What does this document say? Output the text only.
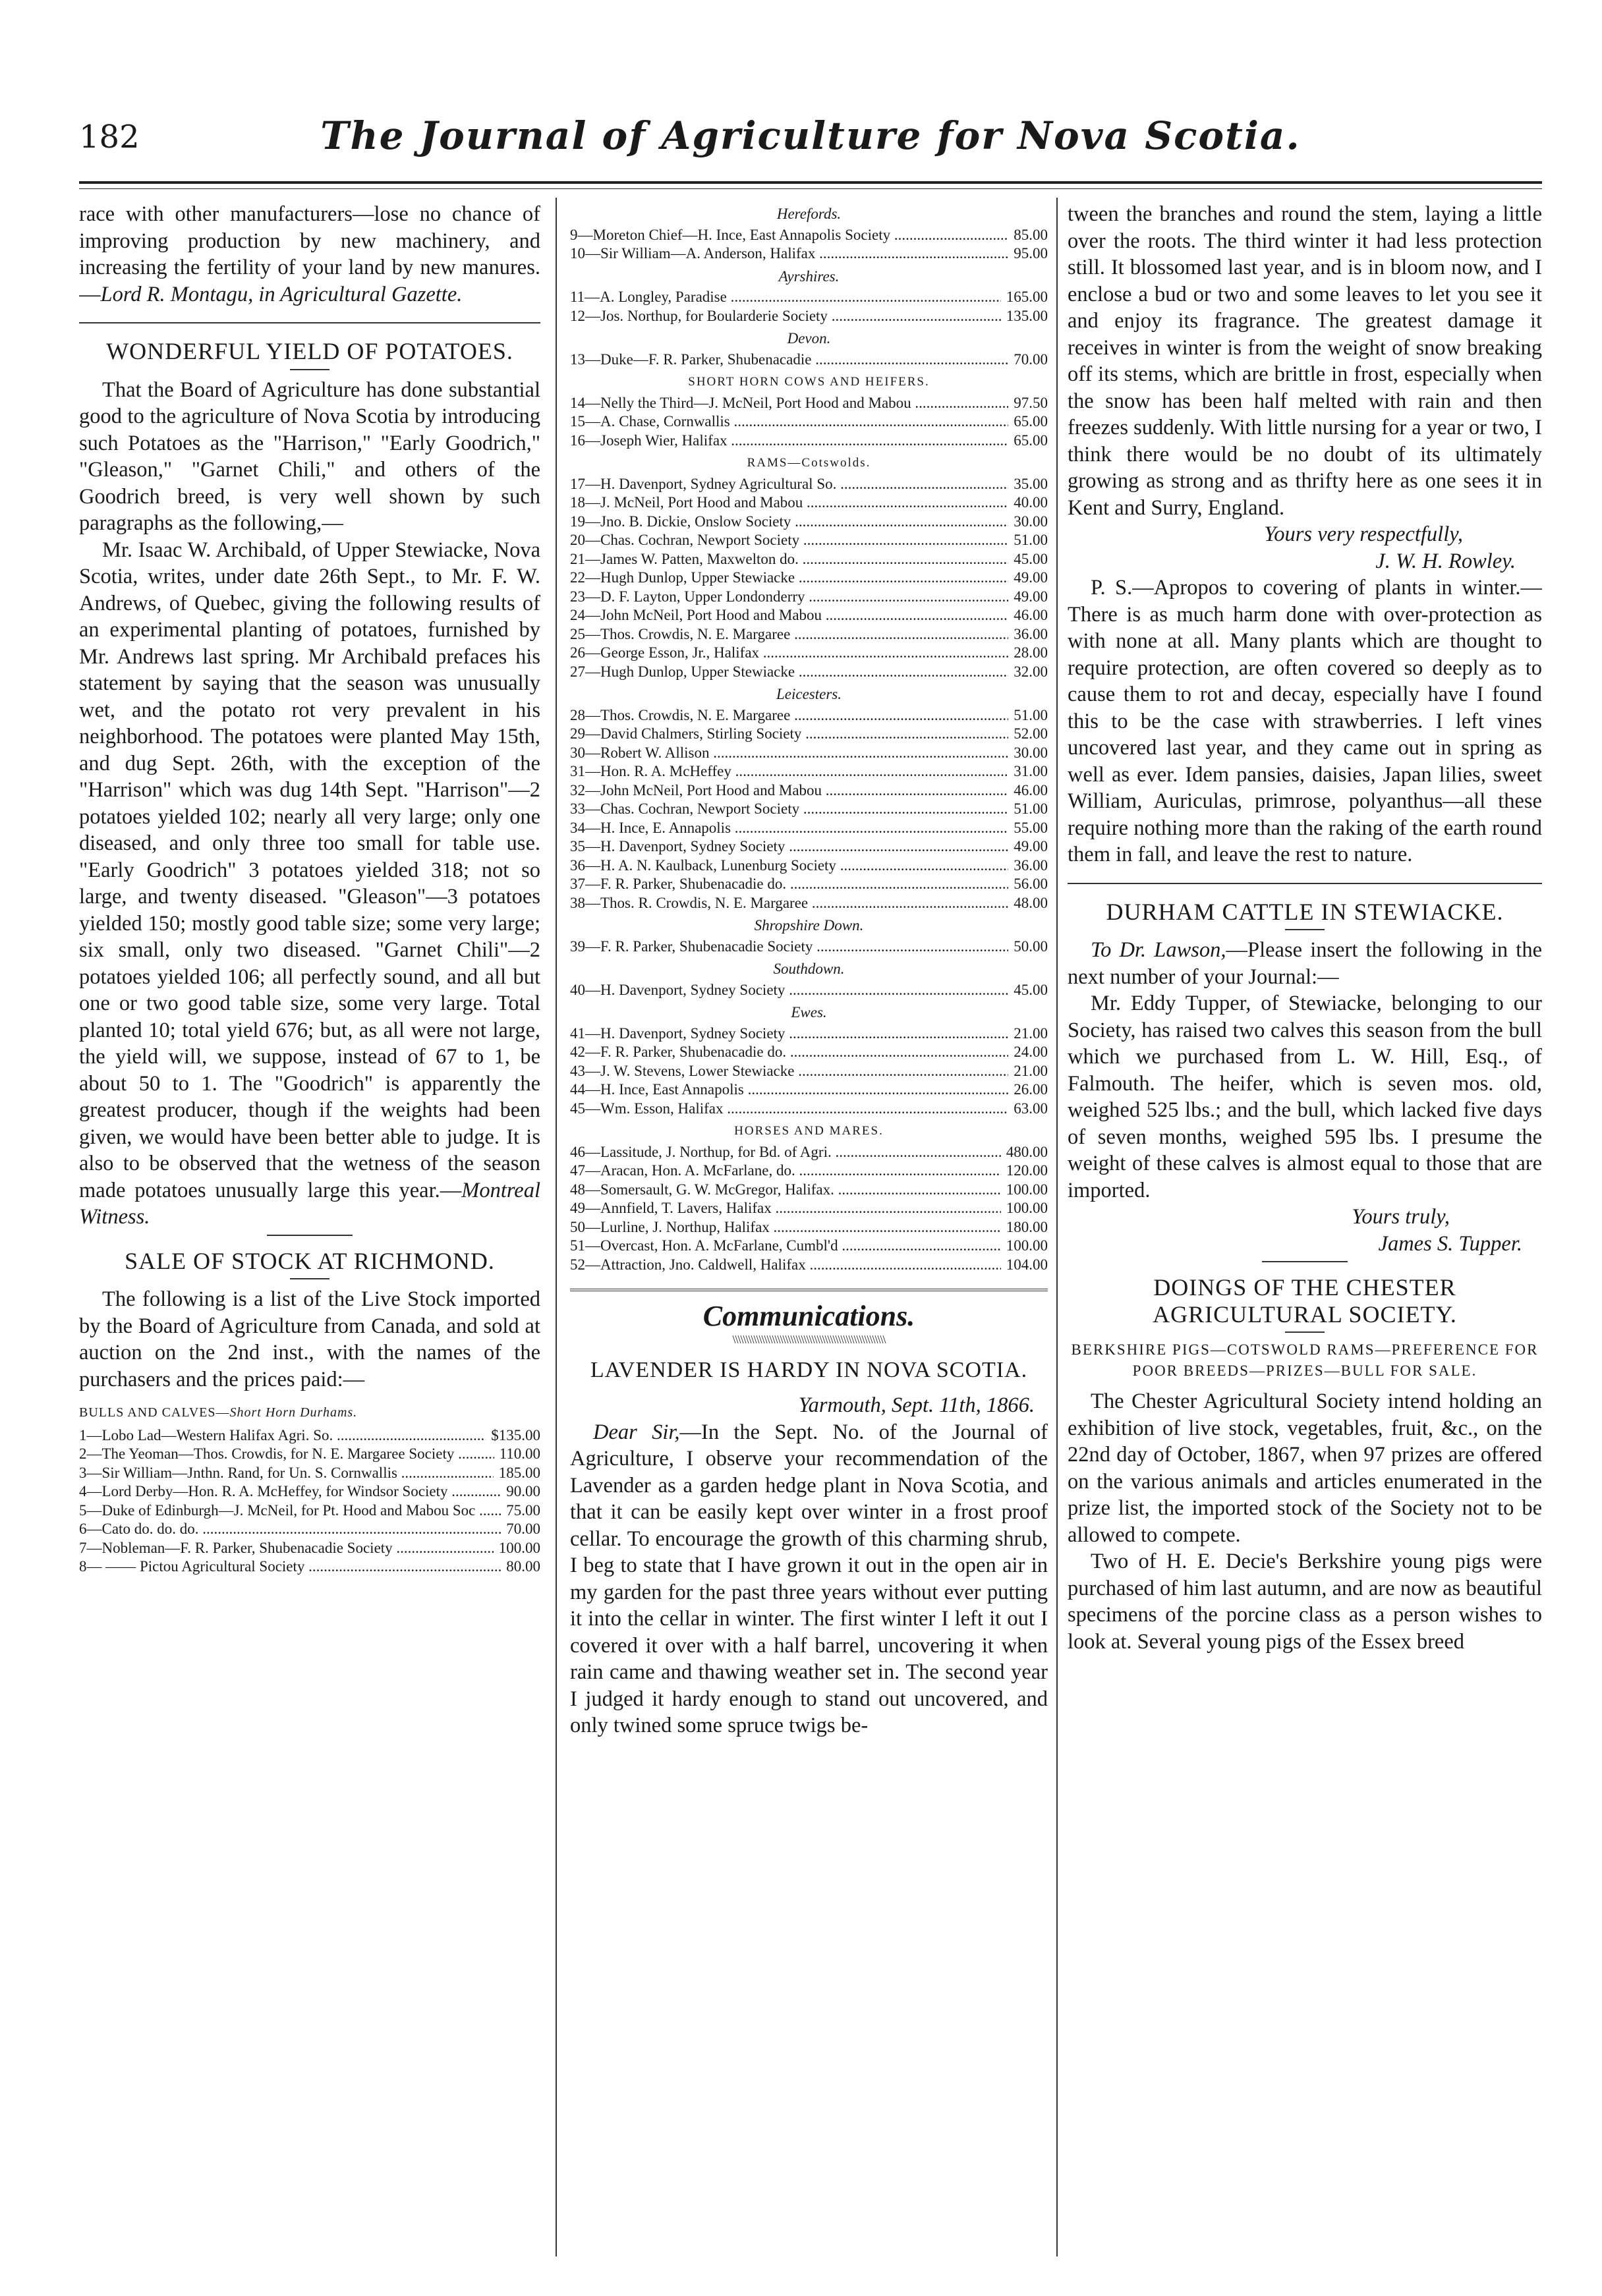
182	The Journal of Agriculture for Nova Scotia.

race with other manufacturers—lose no chance of improving production by new machinery, and increasing the fertility of your land by new manures.—Lord R. Montagu, in Agricultural Gazette.

WONDERFUL YIELD OF POTATOES.

That the Board of Agriculture has done substantial good to the agriculture of Nova Scotia by introducing such Potatoes as the "Harrison," "Early Goodrich," "Gleason," "Garnet Chili," and others of the Goodrich breed, is very well shown by such paragraphs as the following,—

Mr. Isaac W. Archibald, of Upper Stewiacke, Nova Scotia, writes, under date 26th Sept., to Mr. F. W. Andrews, of Quebec, giving the following results of an experimental planting of potatoes, furnished by Mr. Andrews last spring. Mr Archibald prefaces his statement by saying that the season was unusually wet, and the potato rot very prevalent in his neighborhood. The potatoes were planted May 15th, and dug Sept. 26th, with the exception of the "Harrison" which was dug 14th Sept. "Harrison"—2 potatoes yielded 102; nearly all very large; only one diseased, and only three too small for table use. "Early Goodrich" 3 potatoes yielded 318; not so large, and twenty diseased. "Gleason"—3 potatoes yielded 150; mostly good table size; some very large; six small, only two diseased. "Garnet Chili"—2 potatoes yielded 106; all perfectly sound, and all but one or two good table size, some very large. Total planted 10; total yield 676; but, as all were not large, the yield will, we suppose, instead of 67 to 1, be about 50 to 1. The "Goodrich" is apparently the greatest producer, though if the weights had been given, we would have been better able to judge. It is also to be observed that the wetness of the season made potatoes unusually large this year.—Montreal Witness.

SALE OF STOCK AT RICHMOND.

The following is a list of the Live Stock imported by the Board of Agriculture from Canada, and sold at auction on the 2nd inst., with the names of the purchasers and the prices paid:—

BULLS AND CALVES—Short Horn Durhams.
1—Lobo Lad—Western Halifax Agri. So. .....	$135.00
2—The Yeoman—Thos. Crowdis, for N. E. Margaree Society .....	110.00
3—Sir William—Jnthn. Rand, for Un. S. Cornwallis .....	185.00
4—Lord Derby—Hon. R. A. McHeffey, for Windsor Society .....	90.00
5—Duke of Edinburgh—J. McNeil, for Pt. Hood and Mabou Soc .....	75.00
6—Cato do. do. do. .....	70.00
7—Nobleman—F. R. Parker, Shubenacadie Society .....	100.00
8— —— Pictou Agricultural Society .....	80.00
Herefords.
9—Moreton Chief—H. Ince, East Annapolis Society .....	85.00
10—Sir William—A. Anderson, Halifax .....	95.00
Ayrshires.
11—A. Longley, Paradise .....	165.00
12—Jos. Northup, for Boularderie Society .....	135.00
Devon.
13—Duke—F. R. Parker, Shubenacadie .....	70.00
SHORT HORN COWS AND HEIFERS.
14—Nelly the Third—J. McNeil, Port Hood and Mabou .....	97.50
15—A. Chase, Cornwallis .....	65.00
16—Joseph Wier, Halifax .....	65.00
RAMS—Cotswolds.
17—H. Davenport, Sydney Agricultural So. .....	35.00
18—J. McNeil, Port Hood and Mabou .....	40.00
19—Jno. B. Dickie, Onslow Society .....	30.00
20—Chas. Cochran, Newport Society .....	51.00
21—James W. Patten, Maxwelton do. .....	45.00
22—Hugh Dunlop, Upper Stewiacke .....	49.00
23—D. F. Layton, Upper Londonderry .....	49.00
24—John McNeil, Port Hood and Mabou .....	46.00
25—Thos. Crowdis, N. E. Margaree .....	36.00
26—George Esson, Jr., Halifax .....	28.00
27—Hugh Dunlop, Upper Stewiacke .....	32.00
Leicesters.
28—Thos. Crowdis, N. E. Margaree .....	51.00
29—David Chalmers, Stirling Society .....	52.00
30—Robert W. Allison .....	30.00
31—Hon. R. A. McHeffey .....	31.00
32—John McNeil, Port Hood and Mabou .....	46.00
33—Chas. Cochran, Newport Society .....	51.00
34—H. Ince, E. Annapolis .....	55.00
35—H. Davenport, Sydney Society .....	49.00
36—H. A. N. Kaulback, Lunenburg Society .....	36.00
37—F. R. Parker, Shubenacadie do. .....	56.00
38—Thos. R. Crowdis, N. E. Margaree .....	48.00
Shropshire Down.
39—F. R. Parker, Shubenacadie Society .....	50.00
Southdown.
40—H. Davenport, Sydney Society .....	45.00
Ewes.
41—H. Davenport, Sydney Society .....	21.00
42—F. R. Parker, Shubenacadie do. .....	24.00
43—J. W. Stevens, Lower Stewiacke .....	21.00
44—H. Ince, East Annapolis .....	26.00
45—Wm. Esson, Halifax .....	63.00
HORSES AND MARES.
46—Lassitude, J. Northup, for Bd. of Agri. .....	480.00
47—Aracan, Hon. A. McFarlane, do. .....	120.00
48—Somersault, G. W. McGregor, Halifax. .....	100.00
49—Annfield, T. Lavers, Halifax .....	100.00
50—Lurline, J. Northup, Halifax .....	180.00
51—Overcast, Hon. A. McFarlane, Cumbl'd .....	100.00
52—Attraction, Jno. Caldwell, Halifax .....	104.00
Communications.
\\\\\\\\\\\\\\\\\\\\\\\\\\\\\\\\\\\\\\\\\\\\\\\\\\\\\\\\\\
LAVENDER IS HARDY IN NOVA SCOTIA.
Yarmouth, Sept. 11th, 1866.

Dear Sir,—In the Sept. No. of the Journal of Agriculture, I observe your recommendation of the Lavender as a garden hedge plant in Nova Scotia, and that it can be easily kept over winter in a frost proof cellar. To encourage the growth of this charming shrub, I beg to state that I have grown it out in the open air in my garden for the past three years without ever putting it into the cellar in winter. The first winter I left it out I covered it over with a half barrel, uncovering it when rain came and thawing weather set in. The second year I judged it hardy enough to stand out uncovered, and only twined some spruce twigs be-

tween the branches and round the stem, laying a little over the roots. The third winter it had less protection still. It blossomed last year, and is in bloom now, and I enclose a bud or two and some leaves to let you see it and enjoy its fragrance. The greatest damage it receives in winter is from the weight of snow breaking off its stems, which are brittle in frost, especially when the snow has been half melted with rain and then freezes suddenly. With little nursing for a year or two, I think there would be no doubt of its ultimately growing as strong and as thrifty here as one sees it in Kent and Surry, England.

Yours very respectfully,
J. W. H. Rowley.

P. S.—Apropos to covering of plants in winter.—There is as much harm done with over-protection as with none at all. Many plants which are thought to require protection, are often covered so deeply as to cause them to rot and decay, especially have I found this to be the case with strawberries. I left vines uncovered last year, and they came out in spring as well as ever. Idem pansies, daisies, Japan lilies, sweet William, Auriculas, primrose, polyanthus—all these require nothing more than the raking of the earth round them in fall, and leave the rest to nature.

DURHAM CATTLE IN STEWIACKE.

To Dr. Lawson,—Please insert the following in the next number of your Journal:—

Mr. Eddy Tupper, of Stewiacke, belonging to our Society, has raised two calves this season from the bull which we purchased from L. W. Hill, Esq., of Falmouth. The heifer, which is seven mos. old, weighed 525 lbs.; and the bull, which lacked five days of seven months, weighed 595 lbs. I presume the weight of these calves is almost equal to those that are imported.

Yours truly,
James S. Tupper.
DOINGS OF THE CHESTER AGRICULTURAL SOCIETY.
BERKSHIRE PIGS—COTSWOLD RAMS—PREFERENCE FOR POOR BREEDS—PRIZES—BULL FOR SALE.

The Chester Agricultural Society intend holding an exhibition of live stock, vegetables, fruit, &c., on the 22nd day of October, 1867, when 97 prizes are offered on the various animals and articles enumerated in the prize list, the imported stock of the Society not to be allowed to compete.

Two of H. E. Decie's Berkshire young pigs were purchased of him last autumn, and are now as beautiful specimens of the porcine class as a person wishes to look at. Several young pigs of the Essex breed
